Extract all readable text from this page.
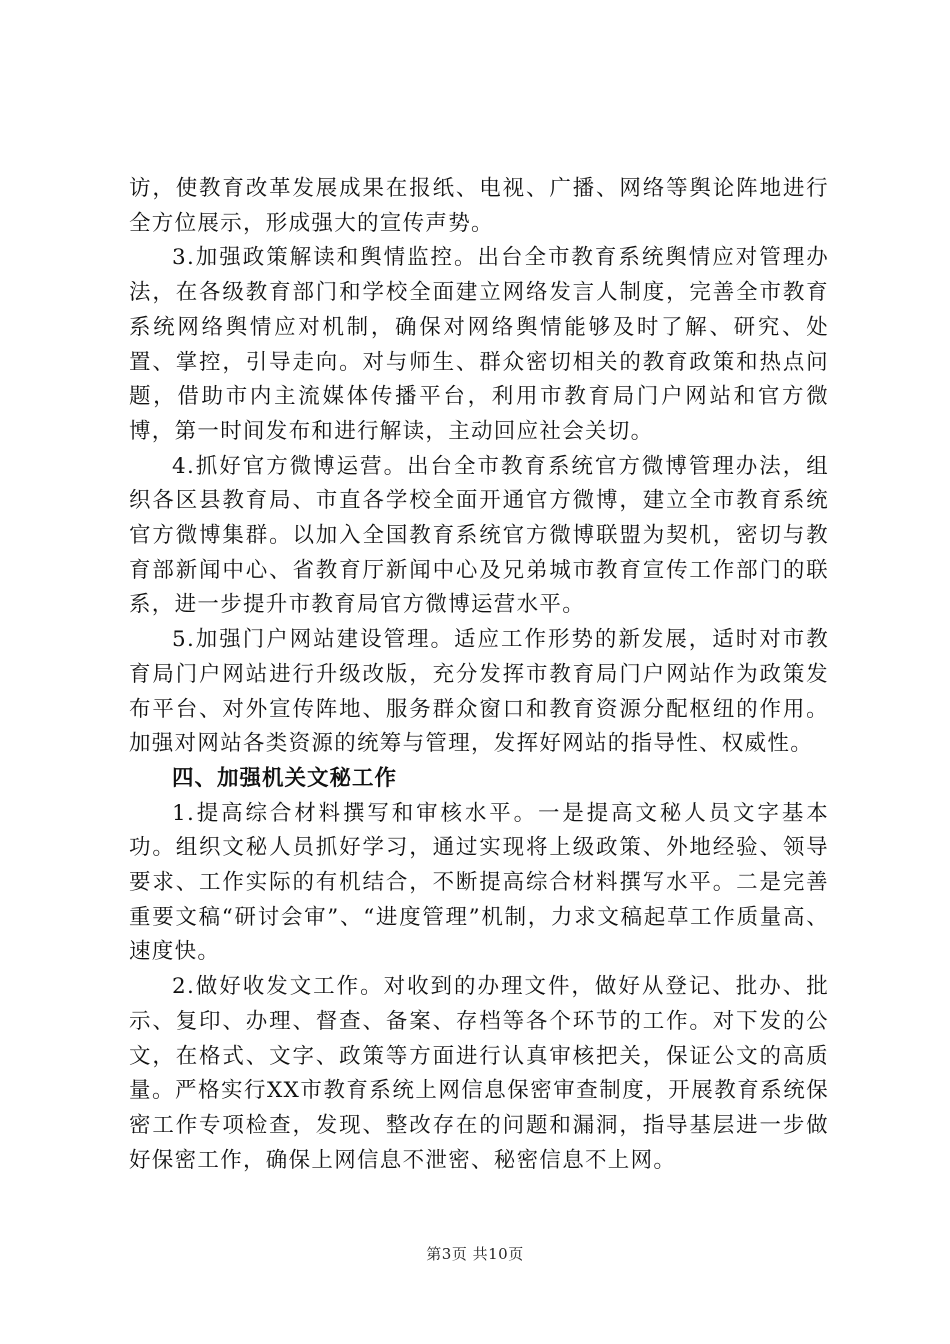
访，使教育改革发展成果在报纸、电视、广播、网络等舆论阵地进行全方位展示，形成强大的宣传声势。

3.加强政策解读和舆情监控。出台全市教育系统舆情应对管理办法，在各级教育部门和学校全面建立网络发言人制度，完善全市教育系统网络舆情应对机制，确保对网络舆情能够及时了解、研究、处置、掌控，引导走向。对与师生、群众密切相关的教育政策和热点问题，借助市内主流媒体传播平台，利用市教育局门户网站和官方微博，第一时间发布和进行解读，主动回应社会关切。

4.抓好官方微博运营。出台全市教育系统官方微博管理办法，组织各区县教育局、市直各学校全面开通官方微博，建立全市教育系统官方微博集群。以加入全国教育系统官方微博联盟为契机，密切与教育部新闻中心、省教育厅新闻中心及兄弟城市教育宣传工作部门的联系，进一步提升市教育局官方微博运营水平。

5.加强门户网站建设管理。适应工作形势的新发展，适时对市教育局门户网站进行升级改版，充分发挥市教育局门户网站作为政策发布平台、对外宣传阵地、服务群众窗口和教育资源分配枢纽的作用。加强对网站各类资源的统筹与管理，发挥好网站的指导性、权威性。

四、加强机关文秘工作

1.提高综合材料撰写和审核水平。一是提高文秘人员文字基本功。组织文秘人员抓好学习，通过实现将上级政策、外地经验、领导要求、工作实际的有机结合，不断提高综合材料撰写水平。二是完善重要文稿“研讨会审”、“进度管理”机制，力求文稿起草工作质量高、速度快。

2.做好收发文工作。对收到的办理文件，做好从登记、批办、批示、复印、办理、督查、备案、存档等各个环节的工作。对下发的公文，在格式、文字、政策等方面进行认真审核把关，保证公文的高质量。严格实行XX市教育系统上网信息保密审查制度，开展教育系统保密工作专项检查，发现、整改存在的问题和漏洞，指导基层进一步做好保密工作，确保上网信息不泄密、秘密信息不上网。

第3页 共10页
